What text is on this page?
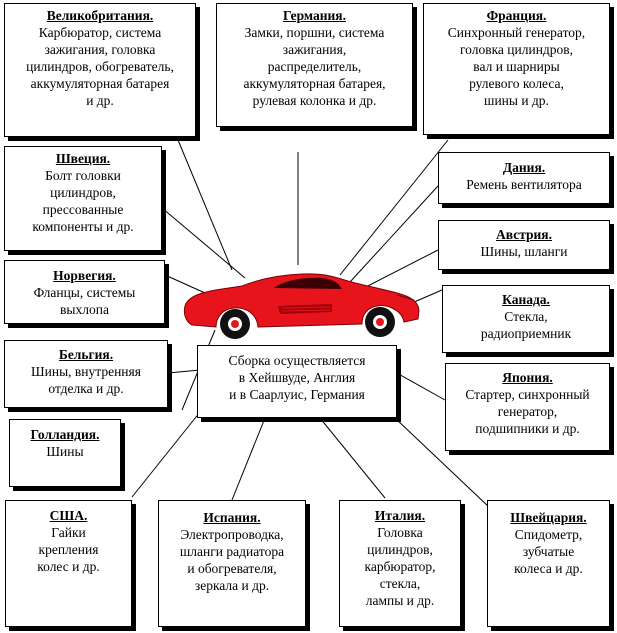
Сборка осуществляется
в Хейшвуде, Англия
и в Саарлуис, Германия
Великобритания.
Карбюратор, система
зажигания, головка
цилиндров, обогреватель,
аккумуляторная батарея
и др.
Германия.
Замки, поршни, система
зажигания,
распределитель,
аккумуляторная батарея,
рулевая колонка и др.
Франция.
Синхронный генератор,
головка цилиндров,
вал и шарниры
рулевого колеса,
шины и др.
Швеция.
Болт головки
цилиндров,
прессованные
компоненты и др.
Дания.
Ремень вентилятора
Австрия.
Шины, шланги
Норвегия.
Фланцы, системы
выхлопа
Канада.
Стекла,
радиоприемник
Бельгия.
Шины, внутренняя
отделка и др.
Япония.
Стартер, синхронный
генератор,
подшипники и др.
Голландия.
Шины
США.
Гайки
крепления
колес и др.
Испания.
Электропроводка,
шланги радиатора
и обогревателя,
зеркала и др.
Италия.
Головка
цилиндров,
карбюратор,
стекла,
лампы и др.
Швейцария.
Спидометр,
зубчатые
колеса и др.
